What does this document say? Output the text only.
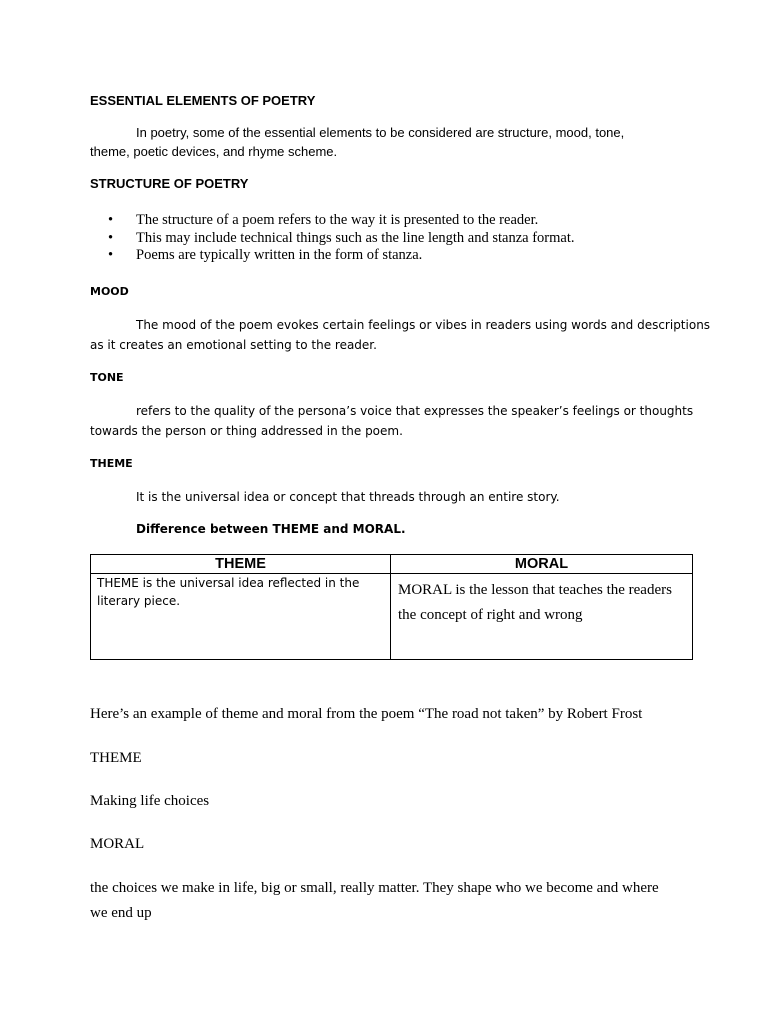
ESSENTIAL ELEMENTS OF POETRY

In poetry, some of the essential elements to be considered are structure, mood, tone,

theme, poetic devices, and rhyme scheme.

STRUCTURE OF POETRY

• The structure of a poem refers to the way it is presented to the reader.
• This may include technical things such as the line length and stanza format.
• Poems are typically written in the form of stanza.

MOOD

The mood of the poem evokes certain feelings or vibes in readers using words and descriptions

as it creates an emotional setting to the reader.

TONE

refers to the quality of the persona’s voice that expresses the speaker’s feelings or thoughts

towards the person or thing addressed in the poem.

THEME

It is the universal idea or concept that threads through an entire story.

Difference between THEME and MORAL.

THEME	MORAL
THEME is the universal idea reflected in the literary piece.	MORAL is the lesson that teaches the readers
the concept of right and wrong

Here’s an example of theme and moral from the poem “The road not taken” by Robert Frost

THEME

Making life choices

MORAL

the choices we make in life, big or small, really matter. They shape who we become and where

we end up
